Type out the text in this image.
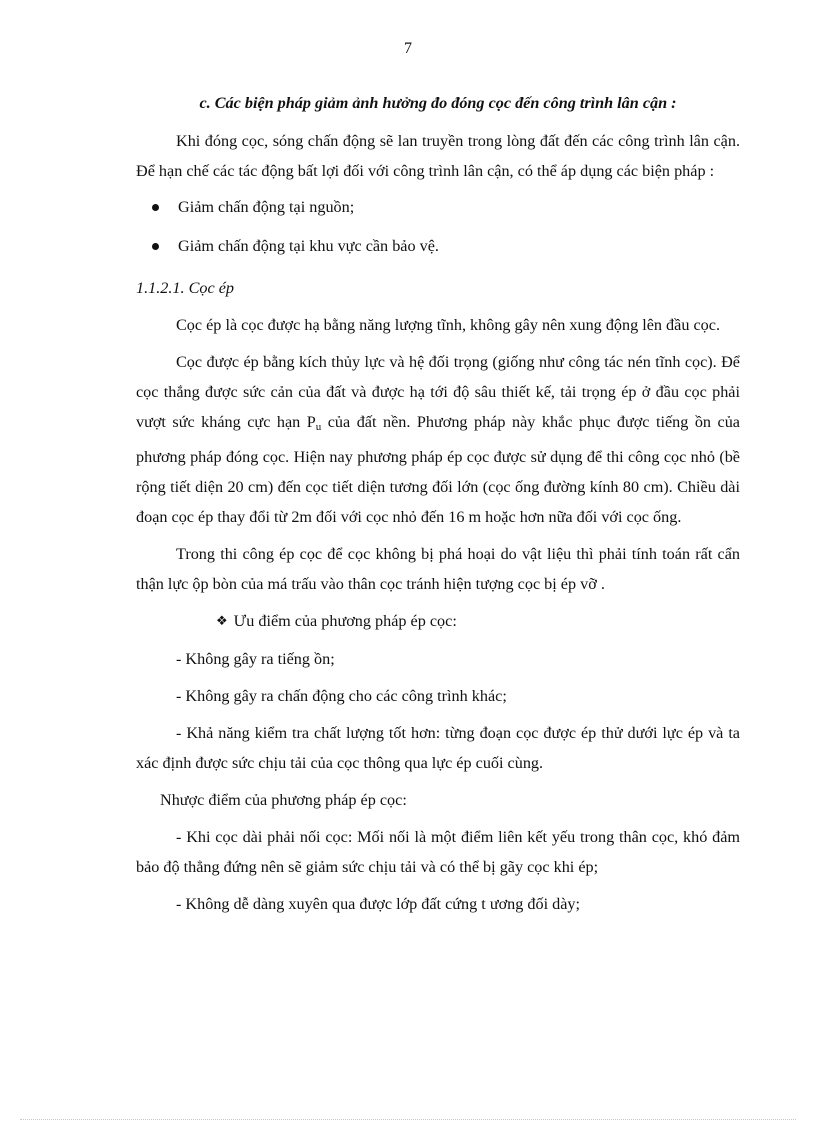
7

c. Các biện pháp giảm ảnh hưởng đo đóng cọc đến công trình lân cận :

Khi đóng cọc, sóng chấn động sẽ lan truyền trong lòng đất đến các công trình lân cận. Để hạn chế các tác động bất lợi đối với công trình lân cận, có thể áp dụng các biện pháp :

Giảm chấn động tại nguồn;
Giảm chấn động tại khu vực cần bảo vệ.

1.1.2.1. Cọc ép

Cọc ép là cọc được hạ bằng năng lượng tĩnh, không gây nên xung động lên đầu cọc.

Cọc được ép bằng kích thủy lực và hệ đối trọng (giống như công tác nén tĩnh cọc). Để cọc thắng được sức cản của đất và được hạ tới độ sâu thiết kế, tải trọng ép ở đầu cọc phải vượt sức kháng cực hạn $P_u$ của đất nền. Phương pháp này khắc phục được tiếng ồn của phương pháp đóng cọc. Hiện nay phương pháp ép cọc được sử dụng để thi công cọc nhỏ (bề rộng tiết diện 20 cm) đến cọc tiết diện tương đối lớn (cọc ống đường kính 80 cm). Chiều dài đoạn cọc ép thay đổi từ 2m đối với cọc nhỏ đến 16 m hoặc hơn nữa đối với cọc ống.

Trong thi công ép cọc để cọc không bị phá hoại do vật liệu thì phải tính toán rất cẩn thận lực ộp bòn của má trấu vào thân cọc tránh hiện tượng cọc bị ép vỡ .

❖ Ưu điểm của phương pháp ép cọc:

- Không gây ra tiếng ồn;

- Không gây ra chấn động cho các công trình khác;

- Khả năng kiểm tra chất lượng tốt hơn: từng đoạn cọc được ép thử dưới lực ép và ta xác định được sức chịu tải của cọc thông qua lực ép cuối cùng.

Nhược điểm của phương pháp ép cọc:

- Khi cọc dài phải nối cọc: Mối nối là một điểm liên kết yếu trong thân cọc, khó đảm bảo độ thẳng đứng nên sẽ giảm sức chịu tải và có thể bị gãy cọc khi ép;

- Không dễ dàng xuyên qua được lớp đất cứng t ương đối dày;
